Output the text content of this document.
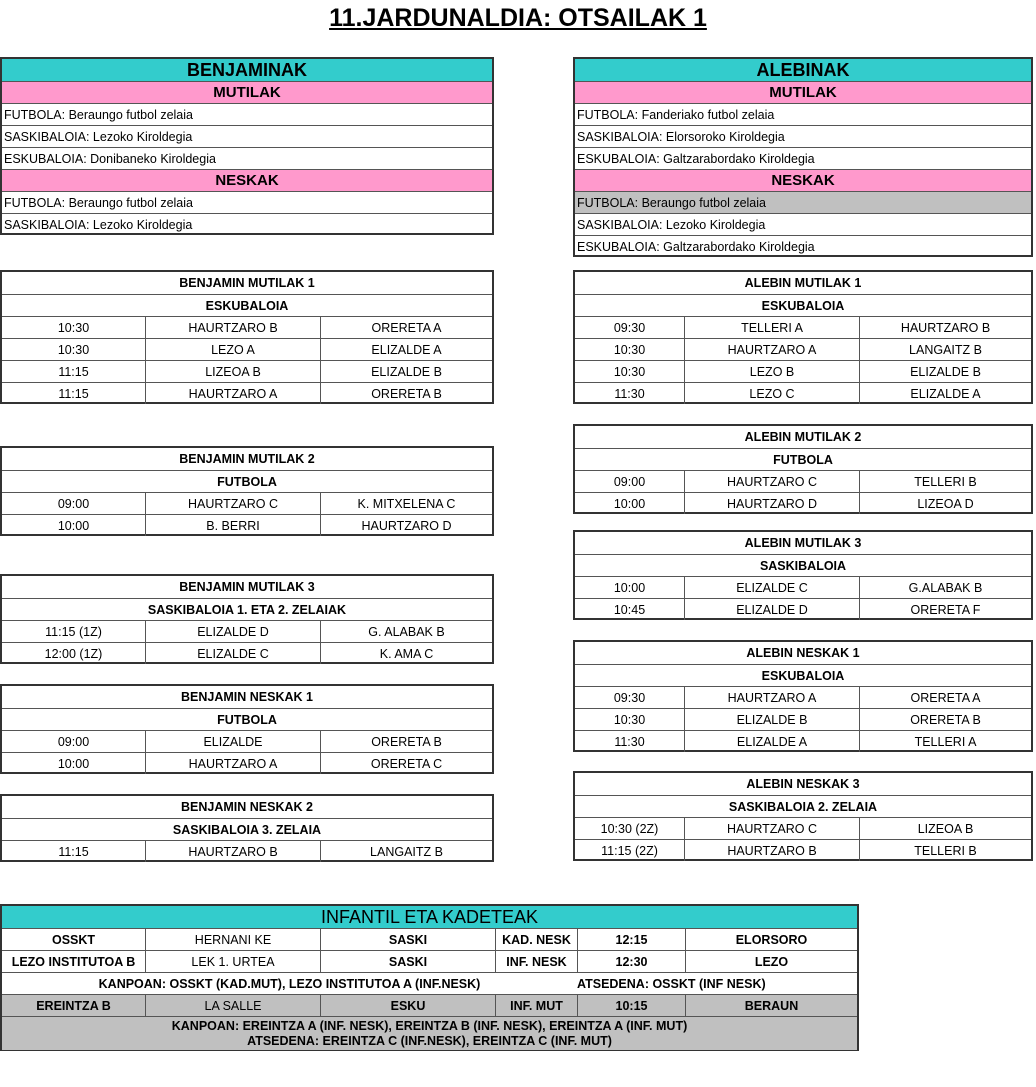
11.JARDUNALDIA: OTSAILAK 1
BENJAMINAK
MUTILAK
FUTBOLA: Beraungo futbol zelaia
SASKIBALOIA: Lezoko Kiroldegia
ESKUBALOIA: Donibaneko Kiroldegia
NESKAK
FUTBOLA: Beraungo futbol zelaia
SASKIBALOIA: Lezoko Kiroldegia
ALEBINAK
MUTILAK
FUTBOLA: Fanderiako futbol zelaia
SASKIBALOIA: Elorsoroko Kiroldegia
ESKUBALOIA: Galtzarabordako Kiroldegia
NESKAK
FUTBOLA: Beraungo futbol zelaia
SASKIBALOIA: Lezoko Kiroldegia
ESKUBALOIA: Galtzarabordako Kiroldegia
BENJAMIN MUTILAK 1
ESKUBALOIA
10:30	HAURTZARO B	ORERETA A
10:30	LEZO A	ELIZALDE A
11:15	LIZEOA B	ELIZALDE B
11:15	HAURTZARO A	ORERETA B
BENJAMIN MUTILAK 2
FUTBOLA
09:00	HAURTZARO C	K. MITXELENA C
10:00	B. BERRI	HAURTZARO D
BENJAMIN MUTILAK 3
SASKIBALOIA 1. ETA 2. ZELAIAK
11:15 (1Z)	ELIZALDE D	G. ALABAK B
12:00 (1Z)	ELIZALDE C	K. AMA C
BENJAMIN NESKAK 1
FUTBOLA
09:00	ELIZALDE	ORERETA B
10:00	HAURTZARO A	ORERETA C
BENJAMIN NESKAK 2
SASKIBALOIA 3. ZELAIA
11:15	HAURTZARO B	LANGAITZ B
ALEBIN MUTILAK 1
ESKUBALOIA
09:30	TELLERI A	HAURTZARO B
10:30	HAURTZARO A	LANGAITZ B
10:30	LEZO B	ELIZALDE B
11:30	LEZO C	ELIZALDE A
ALEBIN MUTILAK 2
FUTBOLA
09:00	HAURTZARO C	TELLERI B
10:00	HAURTZARO D	LIZEOA D
ALEBIN MUTILAK 3
SASKIBALOIA
10:00	ELIZALDE C	G.ALABAK B
10:45	ELIZALDE D	ORERETA F
ALEBIN NESKAK 1
ESKUBALOIA
09:30	HAURTZARO A	ORERETA A
10:30	ELIZALDE B	ORERETA B
11:30	ELIZALDE A	TELLERI A
ALEBIN NESKAK 3
SASKIBALOIA 2. ZELAIA
10:30 (2Z)	HAURTZARO C	LIZEOA B
11:15 (2Z)	HAURTZARO B	TELLERI B
INFANTIL ETA KADETEAK
OSSKT	HERNANI KE	SASKI	KAD. NESK	12:15	ELORSORO
LEZO INSTITUTOA B	LEK 1. URTEA	SASKI	INF. NESK	12:30	LEZO
KANPOAN: OSSKT (KAD.MUT), LEZO INSTITUTOA A (INF.NESK)	ATSEDENA: OSSKT (INF NESK)
EREINTZA B	LA SALLE	ESKU	INF. MUT	10:15	BERAUN
KANPOAN: EREINTZA A (INF. NESK), EREINTZA B (INF. NESK), EREINTZA A (INF. MUT)
ATSEDENA: EREINTZA C (INF.NESK), EREINTZA C (INF. MUT)
